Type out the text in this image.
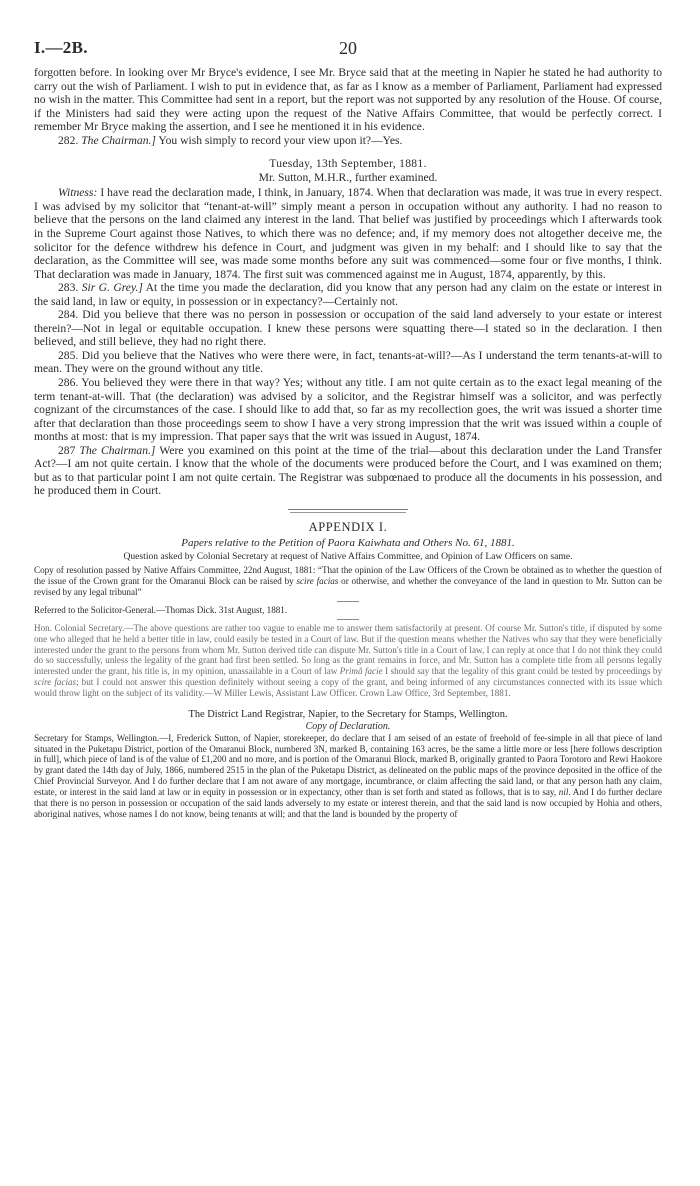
I.—2B.	20

forgotten before. In looking over Mr Bryce's evidence, I see Mr. Bryce said that at the meeting in Napier he stated he had authority to carry out the wish of Parliament. I wish to put in evidence that, as far as I know as a member of Parliament, Parliament had expressed no wish in the matter. This Committee had sent in a report, but the report was not supported by any resolution of the House. Of course, if the Ministers had said they were acting upon the request of the Native Affairs Committee, that would be perfectly correct. I remember Mr Bryce making the assertion, and I see he mentioned it in his evidence.

282. The Chairman.] You wish simply to record your view upon it?—Yes.

Tuesday, 13th September, 1881.

Mr. Sutton, M.H.R., further examined.

Witness: I have read the declaration made, I think, in January, 1874. When that declaration was made, it was true in every respect. I was advised by my solicitor that “tenant-at-will” simply meant a person in occupation without any authority. I had no reason to believe that the persons on the land claimed any interest in the land. That belief was justified by proceedings which I afterwards took in the Supreme Court against those Natives, to which there was no defence; and, if my memory does not altogether deceive me, the solicitor for the defence withdrew his defence in Court, and judgment was given in my behalf: and I should like to say that the declaration, as the Committee will see, was made some months before any suit was commenced—some four or five months, I think. That declaration was made in January, 1874. The first suit was commenced against me in August, 1874, apparently, by this.

283. Sir G. Grey.] At the time you made the declaration, did you know that any person had any claim on the estate or interest in the said land, in law or equity, in possession or in expectancy?—Certainly not.

284. Did you believe that there was no person in possession or occupation of the said land adversely to your estate or interest therein?—Not in legal or equitable occupation. I knew these persons were squatting there—I stated so in the declaration. I then believed, and still believe, they had no right there.

285. Did you believe that the Natives who were there were, in fact, tenants-at-will?—As I understand the term tenants-at-will to mean. They were on the ground without any title.

286. You believed they were there in that way? Yes; without any title. I am not quite certain as to the exact legal meaning of the term tenant-at-will. That (the declaration) was advised by a solicitor, and the Registrar himself was a solicitor, and was perfectly cognizant of the circumstances of the case. I should like to add that, so far as my recollection goes, the writ was issued a shorter time after that declaration than those proceedings seem to show I have a very strong impression that the writ was issued within a couple of months at most: that is my impression. That paper says that the writ was issued in August, 1874.

287 The Chairman.] Were you examined on this point at the time of the trial—about this declaration under the Land Transfer Act?—I am not quite certain. I know that the whole of the documents were produced before the Court, and I was examined on them; but as to that particular point I am not quite certain. The Registrar was subpœnaed to produce all the documents in his possession, and he produced them in Court.

APPENDIX I.

Papers relative to the Petition of Paora Kaiwhata and Others No. 61, 1881.

Question asked by Colonial Secretary at request of Native Affairs Committee, and Opinion of Law Officers on same.

Copy of resolution passed by Native Affairs Committee, 22nd August, 1881: “That the opinion of the Law Officers of the Crown be obtained as to whether the question of the issue of the Crown grant for the Omaranui Block can be raised by scire facias or otherwise, and whether the conveyance of the land in question to Mr. Sutton can be revised by any legal tribunal”

Referred to the Solicitor-General.—Thomas Dick. 31st August, 1881.

Hon. Colonial Secretary.—The above questions are rather too vague to enable me to answer them satisfactorily at present. Of course Mr. Sutton's title, if disputed by some one who alleged that he held a better title in law, could easily be tested in a Court of law. But if the question means whether the Natives who say that they were beneficially interested under the grant to the persons from whom Mr. Sutton derived title can dispute Mr. Sutton's title in a Court of law, I can reply at once that I do not think they could do so successfully, unless the legality of the grant had first been settled. So long as the grant remains in force, and Mr. Sutton has a complete title from all persons legally interested under the grant, his title is, in my opinion, unassailable in a Court of law Primâ facie I should say that the legality of this grant could be tested by proceedings by scire facias; but I could not answer this question definitely without seeing a copy of the grant, and being informed of any circumstances connected with its issue which would throw light on the subject of its validity.—W Miller Lewis, Assistant Law Officer. Crown Law Office, 3rd September, 1881.

The District Land Registrar, Napier, to the Secretary for Stamps, Wellington.

Copy of Declaration.

Secretary for Stamps, Wellington.—I, Frederick Sutton, of Napier, storekeeper, do declare that I am seised of an estate of freehold of fee-simple in all that piece of land situated in the Puketapu District, portion of the Omaranui Block, numbered 3N, marked B, containing 163 acres, be the same a little more or less [here follows description in full], which piece of land is of the value of £1,200 and no more, and is portion of the Omaranui Block, marked B, originally granted to Paora Torotoro and Rewi Haokore by grant dated the 14th day of July, 1866, numbered 2515 in the plan of the Puketapu District, as delineated on the public maps of the province deposited in the office of the Chief Provincial Surveyor. And I do further declare that I am not aware of any mortgage, incumbrance, or claim affecting the said land, or that any person hath any claim, estate, or interest in the said land at law or in equity in possession or in expectancy, other than is set forth and stated as follows, that is to say, nil. And I do further declare that there is no person in possession or occupation of the said lands adversely to my estate or interest therein, and that the said land is now occupied by Hohia and others, aboriginal natives, whose names I do not know, being tenants at will; and that the land is bounded by the property of
